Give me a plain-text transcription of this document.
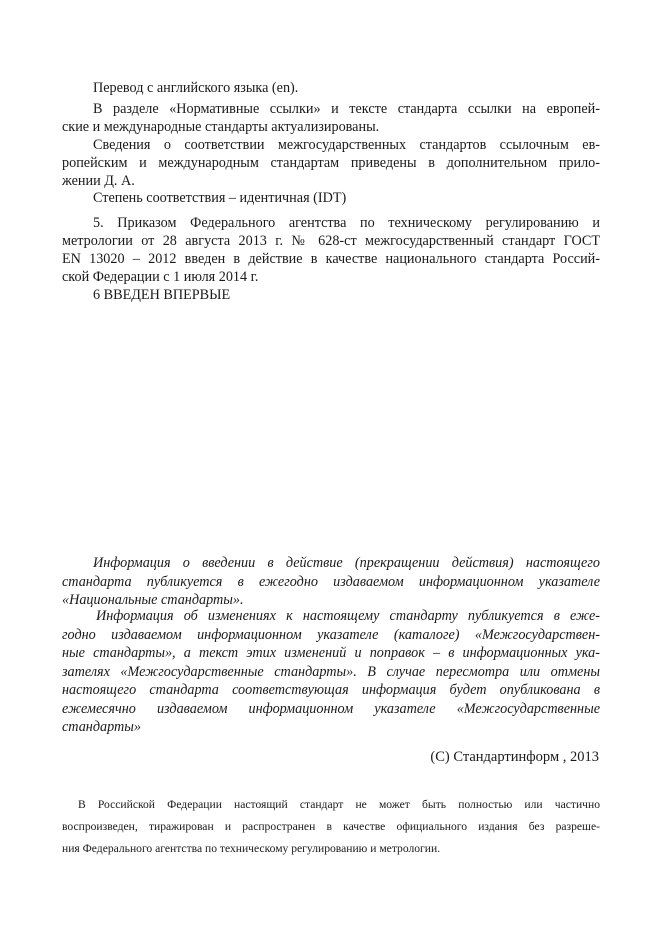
Перевод с английского языка (en).

В разделе «Нормативные ссылки» и тексте стандарта ссылки на европей-
ские и международные стандарты актуализированы.

Сведения о соответствии межгосударственных стандартов ссылочным ев-
ропейским и международным стандартам приведены в дополнительном прило-
жении Д. А.

Степень соответствия – идентичная (IDT)

5. Приказом Федерального агентства по техническому регулированию и
метрологии от 28 августа 2013 г. № 628-ст межгосударственный стандарт ГОСТ
EN 13020 – 2012 введен в действие в качестве национального стандарта Россий-
ской Федерации с 1 июля 2014 г.

6 ВВЕДЕН ВПЕРВЫЕ

Информация о введении в действие (прекращении действия) настоящего
стандарта публикуется в ежегодно издаваемом информационном указателе
«Национальные стандарты».

Информация об изменениях к настоящему стандарту публикуется в еже-
годно издаваемом информационном указателе (каталоге) «Межгосударствен-
ные стандарты», а текст этих изменений и поправок – в информационных ука-
зателях «Межгосударственные стандарты». В случае пересмотра или отмены
настоящего стандарта соответствующая информация будет опубликована в
ежемесячно издаваемом информационном указателе «Межгосударственные
стандарты»

(C) Стандартинформ , 2013

В Российской Федерации настоящий стандарт не может быть полностью или частично
воспроизведен, тиражирован и распространен в качестве официального издания без разреше-
ния Федерального агентства по техническому регулированию и метрологии.
